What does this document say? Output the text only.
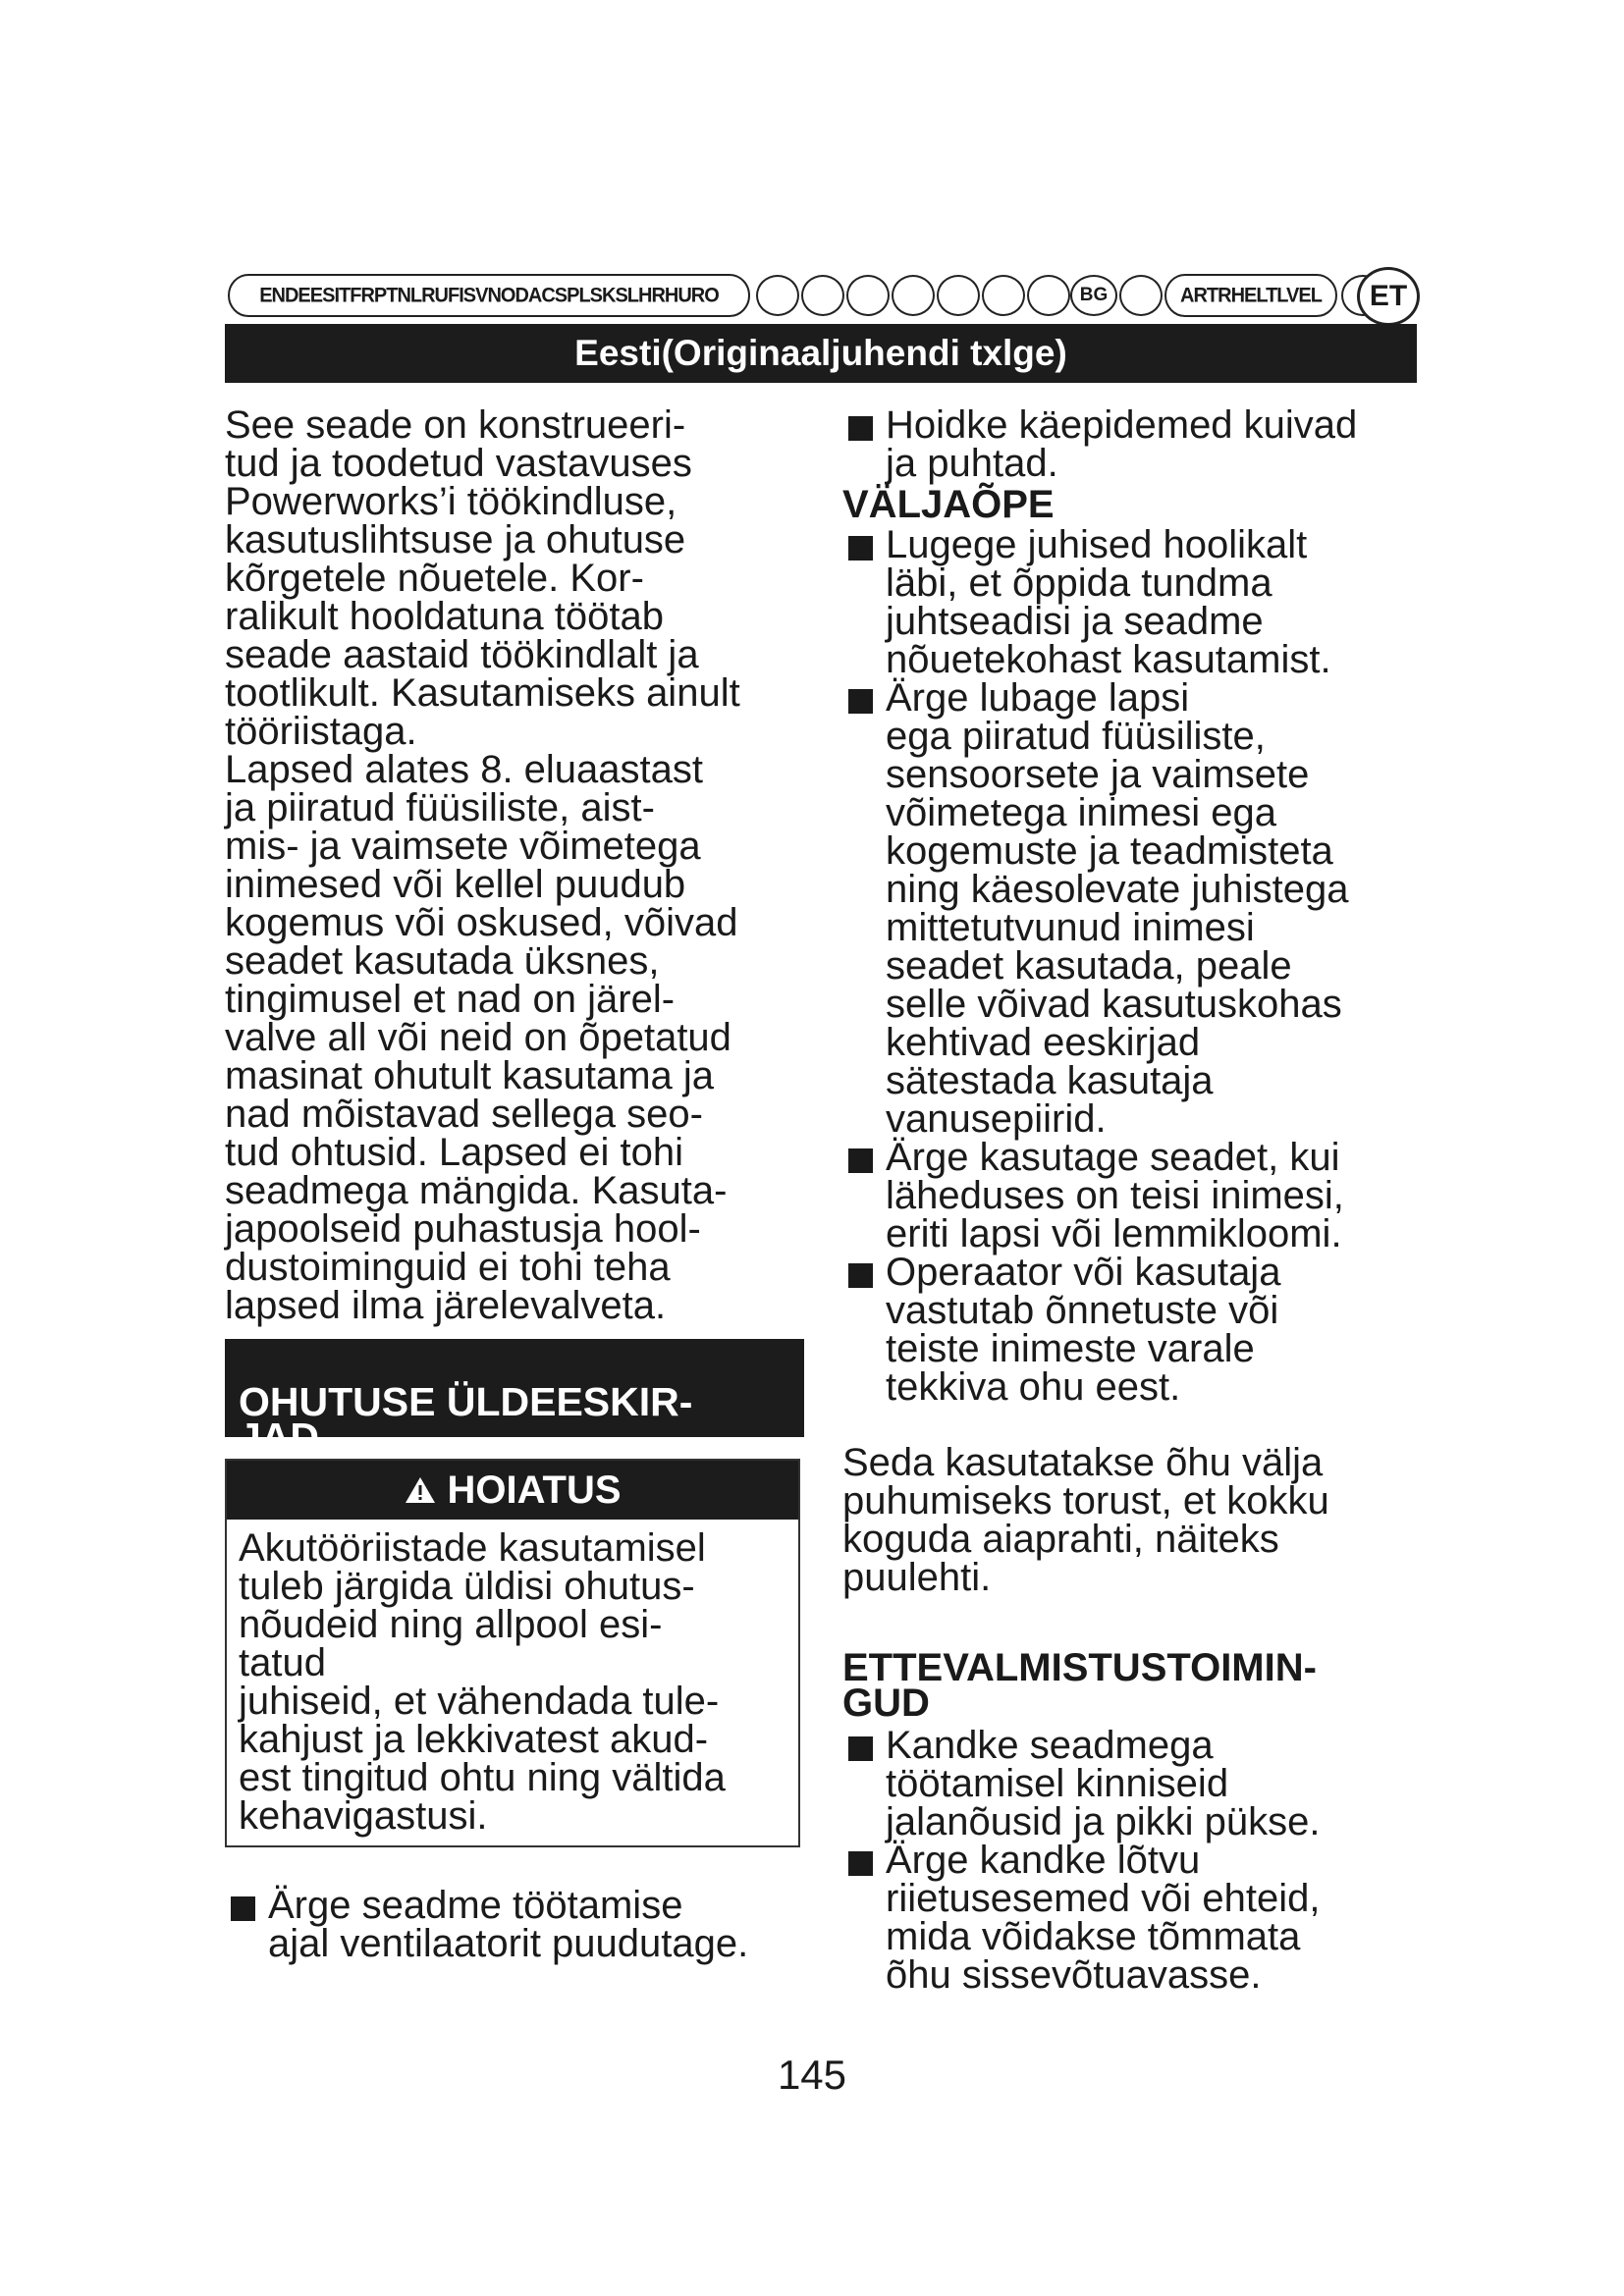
ENDEESITFRPTNLRUFISVNODACSPLSKSLHRHURO	BG	ARTRHELTLVEL ET
Eesti(Originaaljuhendi txlge)

See seade on konstrueeri-
tud ja toodetud vastavuses
Powerworks’i töökindluse,
kasutuslihtsuse ja ohutuse
kõrgetele nõuetele. Kor-
ralikult hooldatuna töötab
seade aastaid töökindlalt ja
tootlikult. Kasutamiseks ainult
tööriistaga.

Lapsed alates 8. eluaastast
ja piiratud füüsiliste, aist-
mis- ja vaimsete võimetega
inimesed või kellel puudub
kogemus või oskused, võivad
seadet kasutada üksnes,
tingimusel et nad on järel-
valve all või neid on õpetatud
masinat ohutult kasutama ja
nad mõistavad sellega seo-
tud ohtusid. Lapsed ei tohi
seadmega mängida. Kasuta-
japoolseid puhastusja hool-
dustoiminguid ei tohi teha
lapsed ilma järelevalveta.

OHUTUSE ÜLDEESKIR-
JAD

HOIATUS
Akutööriistade kasutamisel
tuleb järgida üldisi ohutus-
nõudeid ning allpool esi-
tatud
juhiseid, et vähendada tule-
kahjust ja lekkivatest akud-
est tingitud ohtu ning vältida
kehavigastusi.

Ärge seadme töötamise
ajal ventilaatorit puudutage.

Hoidke käepidemed kuivad
ja puhtad.

VÄLJAÕPE

Lugege juhised hoolikalt
läbi, et õppida tundma
juhtseadisi ja seadme
nõuetekohast kasutamist.

Ärge lubage lapsi
ega piiratud füüsiliste,
sensoorsete ja vaimsete
võimetega inimesi ega
kogemuste ja teadmisteta
ning käesolevate juhistega
mittetutvunud inimesi
seadet kasutada, peale
selle võivad kasutuskohas
kehtivad eeskirjad
sätestada kasutaja
vanusepiirid.

Ärge kasutage seadet, kui
läheduses on teisi inimesi,
eriti lapsi või lemmikloomi.

Operaator või kasutaja
vastutab õnnetuste või
teiste inimeste varale
tekkiva ohu eest.

Seda kasutatakse õhu välja
puhumiseks torust, et kokku
koguda aiaprahti, näiteks
puulehti.

ETTEVALMISTUSTOIMIN-
GUD

Kandke seadmega
töötamisel kinniseid
jalanõusid ja pikki pükse.

Ärge kandke lõtvu
riietusesemed või ehteid,
mida võidakse tõmmata
õhu sissevõtuavasse.

145
